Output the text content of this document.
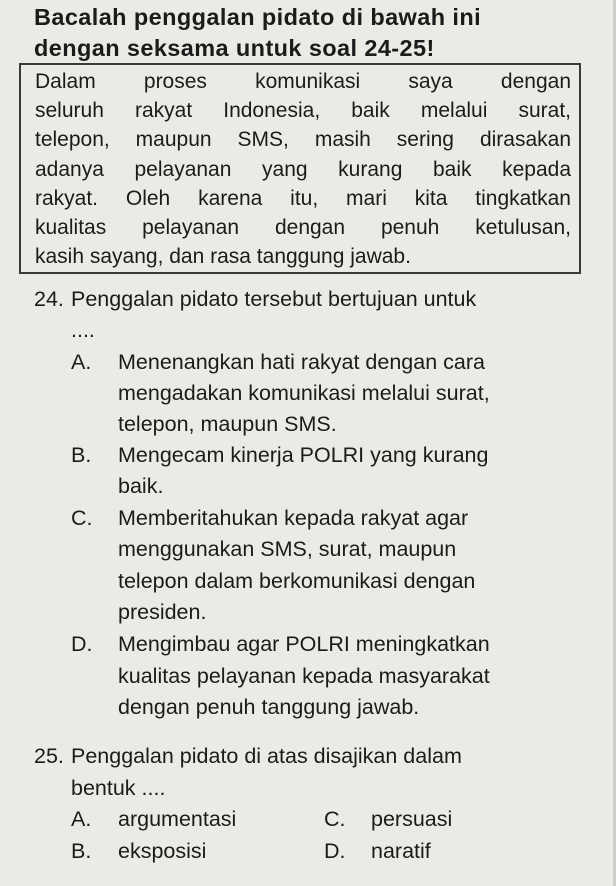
Bacalah penggalan pidato di bawah ini
dengan seksama untuk soal 24-25!
Dalam proses komunikasi saya dengan
seluruh rakyat Indonesia, baik melalui surat,
telepon, maupun SMS, masih sering dirasakan
adanya pelayanan yang kurang baik kepada
rakyat. Oleh karena itu, mari kita tingkatkan
kualitas pelayanan dengan penuh ketulusan,
kasih sayang, dan rasa tanggung jawab.
24. Penggalan pidato tersebut bertujuan untuk
....
A. Menenangkan hati rakyat dengan cara
mengadakan komunikasi melalui surat,
telepon, maupun SMS.
B. Mengecam kinerja POLRI yang kurang
baik.
C. Memberitahukan kepada rakyat agar
menggunakan SMS, surat, maupun
telepon dalam berkomunikasi dengan
presiden.
D. Mengimbau agar POLRI meningkatkan
kualitas pelayanan kepada masyarakat
dengan penuh tanggung jawab.
25. Penggalan pidato di atas disajikan dalam
bentuk ....
A. argumentasi	C. persuasi
B. eksposisi	D. naratif
